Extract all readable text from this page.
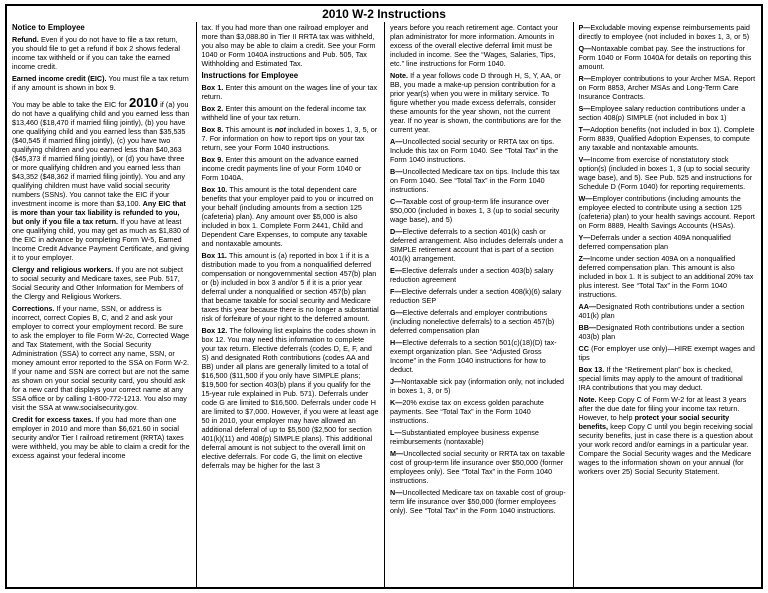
2010 W-2 Instructions

Notice to Employee

Refund. Even if you do not have to file a tax return, you should file to get a refund if box 2 shows federal income tax withheld or if you can take the earned income credit.

Earned income credit (EIC). You must file a tax return if any amount is shown in box 9.

You may be able to take the EIC for 2010 if (a) you do not have a qualifying child and you earned less than $13,460 ($18,470 if married filing jointly), (b) you have one qualifying child and you earned less than $35,535 ($40,545 if married filing jointly), (c) you have two qualifying children and you earned less than $40,363 ($45,373 if married filing jointly), or (d) you have three or more qualifying children and you earned less than $43,352 ($48,362 if married filing jointly). You and any qualifying children must have valid social security numbers (SSNs). You cannot take the EIC if your investment income is more than $3,100. Any EIC that is more than your tax liability is refunded to you, but only if you file a tax return. If you have at least one qualifying child, you may get as much as $1,830 of the EIC in advance by completing Form W-5, Earned Income Credit Advance Payment Certificate, and giving it to your employer.

Clergy and religious workers. If you are not subject to social security and Medicare taxes, see Pub. 517, Social Security and Other Information for Members of the Clergy and Religious Workers.

Corrections. If your name, SSN, or address is incorrect, correct Copies B, C, and 2 and ask your employer to correct your employment record. Be sure to ask the employer to file Form W-2c, Corrected Wage and Tax Statement, with the Social Security Administration (SSA) to correct any name, SSN, or money amount error reported to the SSA on Form W-2. If your name and SSN are correct but are not the same as shown on your social security card, you should ask for a new card that displays your correct name at any SSA office or by calling 1-800-772-1213. You also may visit the SSA at www.socialsecurity.gov.

Credit for excess taxes. If you had more than one employer in 2010 and more than $6,621.60 in social security and/or Tier I railroad retirement (RRTA) taxes were withheld, you may be able to claim a credit for the excess against your federal income

tax. If you had more than one railroad employer and more than $3,088.80 in Tier II RRTA tax was withheld, you also may be able to claim a credit. See your Form 1040 or Form 1040A instructions and Pub. 505, Tax Withholding and Estimated Tax.

Instructions for Employee

Box 1. Enter this amount on the wages line of your tax return.

Box 2. Enter this amount on the federal income tax withheld line of your tax return.

Box 8. This amount is not included in boxes 1, 3, 5, or 7. For information on how to report tips on your tax return, see your Form 1040 instructions.

Box 9. Enter this amount on the advance earned income credit payments line of your Form 1040 or Form 1040A.

Box 10. This amount is the total dependent care benefits that your employer paid to you or incurred on your behalf (including amounts from a section 125 (cafeteria) plan). Any amount over $5,000 is also included in box 1. Complete Form 2441, Child and Dependent Care Expenses, to compute any taxable and nontaxable amounts.

Box 11. This amount is (a) reported in box 1 if it is a distribution made to you from a nonqualified deferred compensation or nongovernmental section 457(b) plan or (b) included in box 3 and/or 5 if it is a prior year deferral under a nonqualified or section 457(b) plan that became taxable for social security and Medicare taxes this year because there is no longer a substantial risk of forfeiture of your right to the deferred amount.

Box 12. The following list explains the codes shown in box 12. You may need this information to complete your tax return. Elective deferrals (codes D, E, F, and S) and designated Roth contributions (codes AA and BB) under all plans are generally limited to a total of $16,500 ($11,500 if you only have SIMPLE plans; $19,500 for section 403(b) plans if you qualify for the 15-year rule explained in Pub. 571). Deferrals under code G are limited to $16,500. Deferrals under code H are limited to $7,000. However, if you were at least age 50 in 2010, your employer may have allowed an additional deferral of up to $5,500 ($2,500 for section 401(k)(11) and 408(p) SIMPLE plans). This additional deferral amount is not subject to the overall limit on elective deferrals. For code G, the limit on elective deferrals may be higher for the last 3

years before you reach retirement age. Contact your plan administrator for more information. Amounts in excess of the overall elective deferral limit must be included in income. See the “Wages, Salaries, Tips, etc.” line instructions for Form 1040.

Note. If a year follows code D through H, S, Y, AA, or BB, you made a make-up pension contribution for a prior year(s) when you were in military service. To figure whether you made excess deferrals, consider these amounts for the year shown, not the current year. If no year is shown, the contributions are for the current year.

A—Uncollected social security or RRTA tax on tips. Include this tax on Form 1040. See “Total Tax” in the Form 1040 instructions.

B—Uncollected Medicare tax on tips. Include this tax on Form 1040. See “Total Tax” in the Form 1040 instructions.

C—Taxable cost of group-term life insurance over $50,000 (included in boxes 1, 3 (up to social security wage base), and 5)

D—Elective deferrals to a section 401(k) cash or deferred arrangement. Also includes deferrals under a SIMPLE retirement account that is part of a section 401(k) arrangement.

E—Elective deferrals under a section 403(b) salary reduction agreement

F—Elective deferrals under a section 408(k)(6) salary reduction SEP

G—Elective deferrals and employer contributions (including nonelective deferrals) to a section 457(b) deferred compensation plan

H—Elective deferrals to a section 501(c)(18)(D) tax-exempt organization plan. See “Adjusted Gross Income” in the Form 1040 instructions for how to deduct.

J—Nontaxable sick pay (information only, not included in boxes 1, 3, or 5)

K—20% excise tax on excess golden parachute payments. See “Total Tax” in the Form 1040 instructions.

L—Substantiated employee business expense reimbursements (nontaxable)

M—Uncollected social security or RRTA tax on taxable cost of group-term life insurance over $50,000 (former employees only). See “Total Tax” in the Form 1040 instructions.

N—Uncollected Medicare tax on taxable cost of group-term life insurance over $50,000 (former employees only). See “Total Tax” in the Form 1040 instructions.

P—Excludable moving expense reimbursements paid directly to employee (not included in boxes 1, 3, or 5)

Q—Nontaxable combat pay. See the instructions for Form 1040 or Form 1040A for details on reporting this amount.

R—Employer contributions to your Archer MSA. Report on Form 8853, Archer MSAs and Long-Term Care Insurance Contracts.

S—Employee salary reduction contributions under a section 408(p) SIMPLE (not included in box 1)

T—Adoption benefits (not included in box 1). Complete Form 8839, Qualified Adoption Expenses, to compute any taxable and nontaxable amounts.

V—Income from exercise of nonstatutory stock option(s) (included in boxes 1, 3 (up to social security wage base), and 5). See Pub. 525 and instructions for Schedule D (Form 1040) for reporting requirements.

W—Employer contributions (including amounts the employee elected to contribute using a section 125 (cafeteria) plan) to your health savings account. Report on Form 8889, Health Savings Accounts (HSAs).

Y—Deferrals under a section 409A nonqualified deferred compensation plan

Z—Income under section 409A on a nonqualified deferred compensation plan. This amount is also included in box 1. It is subject to an additional 20% tax plus interest. See “Total Tax” in the Form 1040 instructions.

AA—Designated Roth contributions under a section 401(k) plan

BB—Designated Roth contributions under a section 403(b) plan

CC (For employer use only)—HIRE exempt wages and tips

Box 13. If the “Retirement plan” box is checked, special limits may apply to the amount of traditional IRA contributions that you may deduct.

Note. Keep Copy C of Form W-2 for at least 3 years after the due date for filing your income tax return. However, to help protect your social security benefits, keep Copy C until you begin receiving social security benefits, just in case there is a question about your work record and/or earnings in a particular year. Compare the Social Security wages and the Medicare wages to the information shown on your annual (for workers over 25) Social Security Statement.
